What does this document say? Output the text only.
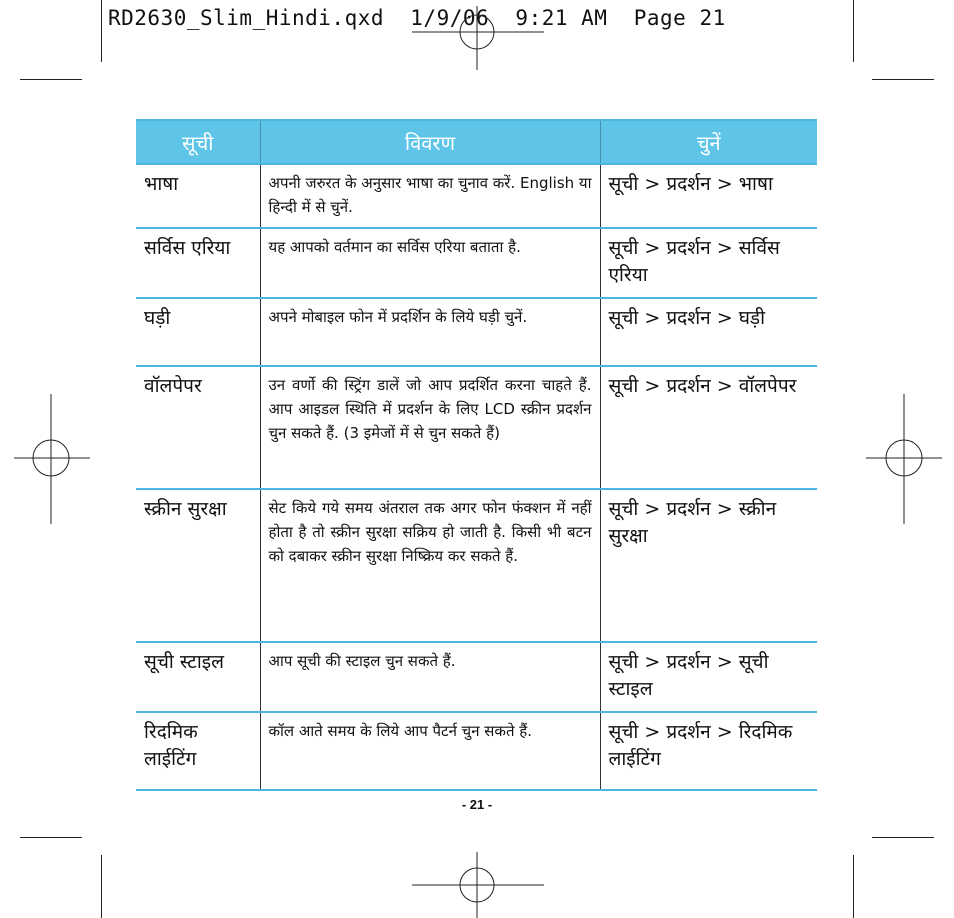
RD2630_Slim_Hindi.qxd  1/9/06  9:21 AM  Page 21
सूची	विवरण	चुनें
भाषा	अपनी जरुरत के अनुसार भाषा का चुनाव करें. English या हिन्दी में से चुनें.	सूची > प्रदर्शन > भाषा
सर्विस एरिया	यह आपको वर्तमान का सर्विस एरिया बताता है.	सूची > प्रदर्शन > सर्विस एरिया
घड़ी	अपने मोबाइल फोन में प्रदर्शिन के लिये घड़ी चुनें.	सूची > प्रदर्शन > घड़ी
वॉलपेपर	उन वर्णो की स्ट्रिंग डालें जो आप प्रदर्शित करना चाहते हैं. आप आइडल स्थिति में प्रदर्शन के लिए LCD स्क्रीन प्रदर्शन चुन सकते हैं. (3 इमेजों में से चुन सकते हैं)	सूची > प्रदर्शन > वॉलपेपर
स्क्रीन सुरक्षा	सेट किये गये समय अंतराल तक अगर फोन फंक्शन में नहीं होता है तो स्क्रीन सुरक्षा सक्रिय हो जाती है. किसी भी बटन को दबाकर स्क्रीन सुरक्षा निष्क्रिय कर सकते हैं.	सूची > प्रदर्शन > स्क्रीन सुरक्षा
सूची स्टाइल	आप सूची की स्टाइल चुन सकते हैं.	सूची > प्रदर्शन > सूची स्टाइल
रिदमिक लाईटिंग	कॉल आते समय के लिये आप पैटर्न चुन सकते हैं.	सूची > प्रदर्शन > रिदमिक लाईटिंग
- 21 -
